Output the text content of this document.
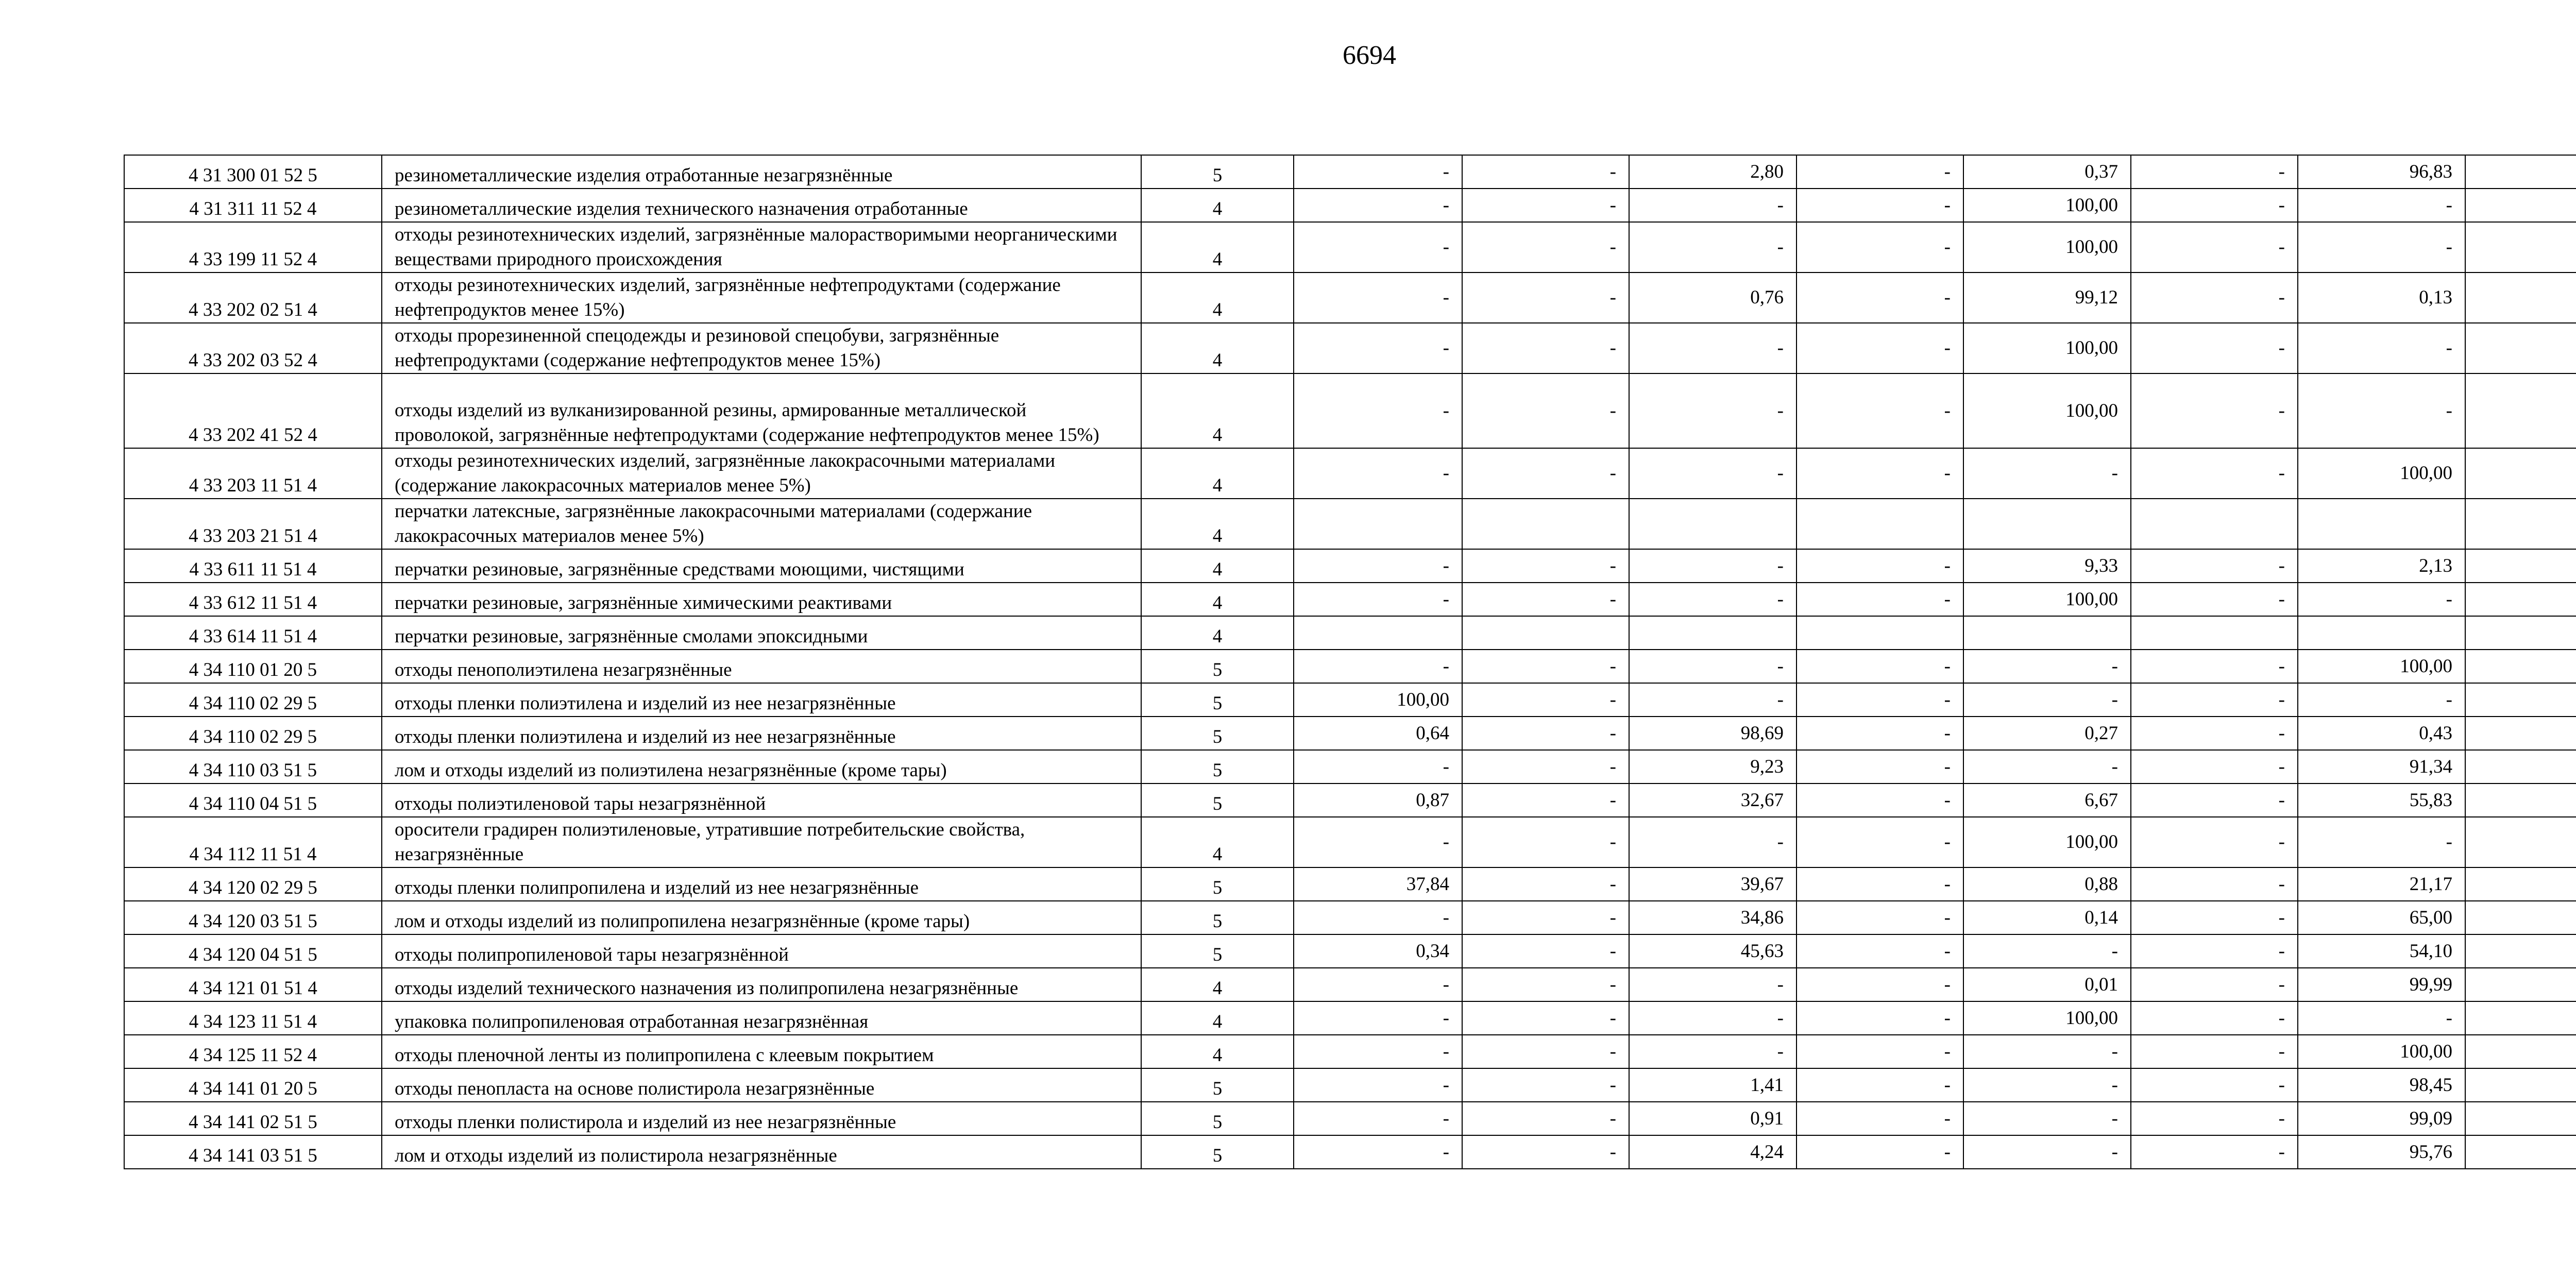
6694
4 31 300 01 52 5	резинометаллические изделия отработанные незагрязнённые	5	-	-	2,80	-	0,37	-	96,83	
4 31 311 11 52 4	резинометаллические изделия технического назначения отработанные	4	-	-	-	-	100,00	-	-	
4 33 199 11 52 4	отходы резинотехнических изделий, загрязнённые малорастворимыми неорганическими веществами природного происхождения	4	-	-	-	-	100,00	-	-	
4 33 202 02 51 4	отходы резинотехнических изделий, загрязнённые нефтепродуктами (содержание нефтепродуктов менее 15%)	4	-	-	0,76	-	99,12	-	0,13	
4 33 202 03 52 4	отходы прорезиненной спецодежды и резиновой спецобуви, загрязнённые нефтепродуктами (содержание нефтепродуктов менее 15%)	4	-	-	-	-	100,00	-	-	
4 33 202 41 52 4	отходы изделий из вулканизированной резины, армированные металлической проволокой, загрязнённые нефтепродуктами (содержание нефтепродуктов менее 15%)	4	-	-	-	-	100,00	-	-	
4 33 203 11 51 4	отходы резинотехнических изделий, загрязнённые лакокрасочными материалами (содержание лакокрасочных материалов менее 5%)	4	-	-	-	-	-	-	100,00	
4 33 203 21 51 4	перчатки латексные, загрязнённые лакокрасочными материалами (содержание лакокрасочных материалов менее 5%)	4								
4 33 611 11 51 4	перчатки резиновые, загрязнённые средствами моющими, чистящими	4	-	-	-	-	9,33	-	2,13	
4 33 612 11 51 4	перчатки резиновые, загрязнённые химическими реактивами	4	-	-	-	-	100,00	-	-	
4 33 614 11 51 4	перчатки резиновые, загрязнённые смолами эпоксидными	4								
4 34 110 01 20 5	отходы пенополиэтилена незагрязнённые	5	-	-	-	-	-	-	100,00	
4 34 110 02 29 5	отходы пленки полиэтилена и изделий из нее незагрязнённые	5	100,00	-	-	-	-	-	-	
4 34 110 02 29 5	отходы пленки полиэтилена и изделий из нее незагрязнённые	5	0,64	-	98,69	-	0,27	-	0,43	
4 34 110 03 51 5	лом и отходы изделий из полиэтилена незагрязнённые (кроме тары)	5	-	-	9,23	-	-	-	91,34	
4 34 110 04 51 5	отходы полиэтиленовой тары незагрязнённой	5	0,87	-	32,67	-	6,67	-	55,83	
4 34 112 11 51 4	оросители градирен полиэтиленовые, утратившие потребительские свойства, незагрязнённые	4	-	-	-	-	100,00	-	-	
4 34 120 02 29 5	отходы пленки полипропилена и изделий из нее незагрязнённые	5	37,84	-	39,67	-	0,88	-	21,17	
4 34 120 03 51 5	лом и отходы изделий из полипропилена незагрязнённые (кроме тары)	5	-	-	34,86	-	0,14	-	65,00	
4 34 120 04 51 5	отходы полипропиленовой тары незагрязнённой	5	0,34	-	45,63	-	-	-	54,10	
4 34 121 01 51 4	отходы изделий технического назначения из полипропилена незагрязнённые	4	-	-	-	-	0,01	-	99,99	
4 34 123 11 51 4	упаковка полипропиленовая отработанная незагрязнённая	4	-	-	-	-	100,00	-	-	
4 34 125 11 52 4	отходы пленочной ленты из полипропилена с клеевым покрытием	4	-	-	-	-	-	-	100,00	
4 34 141 01 20 5	отходы пенопласта на основе полистирола незагрязнённые	5	-	-	1,41	-	-	-	98,45	
4 34 141 02 51 5	отходы пленки полистирола и изделий из нее незагрязнённые	5	-	-	0,91	-	-	-	99,09	
4 34 141 03 51 5	лом и отходы изделий из полистирола незагрязнённые	5	-	-	4,24	-	-	-	95,76	
